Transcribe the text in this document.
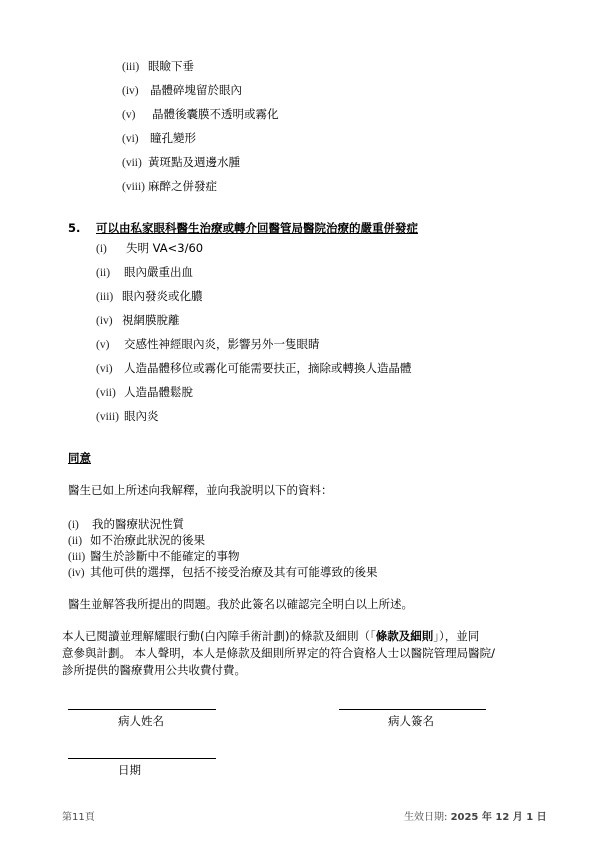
(iii) 眼瞼下垂
(iv) 晶體碎塊留於眼內
(v) 晶體後囊膜不透明或霧化
(vi) 瞳孔變形
(vii) 黃斑點及週邊水腫
(viii) 麻醉之併發症
5. 可以由私家眼科醫生治療或轉介回醫管局醫院治療的嚴重併發症
(i) 失明 VA<3/60
(ii) 眼內嚴重出血
(iii) 眼內發炎或化膿
(iv) 視網膜脫離
(v) 交感性神經眼內炎，影響另外一隻眼睛
(vi) 人造晶體移位或霧化可能需要扶正，摘除或轉換人造晶體
(vii) 人造晶體鬆脫
(viii) 眼內炎
同意
醫生已如上所述向我解釋，並向我說明以下的資料：
(i) 我的醫療狀況性質
(ii) 如不治療此狀況的後果
(iii) 醫生於診斷中不能確定的事物
(iv) 其他可供的選擇，包括不接受治療及其有可能導致的後果
醫生並解答我所提出的問題。我於此簽名以確認完全明白以上所述。
本人已閱讀並理解耀眼行動(白內障手術計劃)的條款及細則（「條款及細則」），並同
意參與計劃。 本人聲明，本人是條款及細則所界定的符合資格人士以醫院管理局醫院/
診所提供的醫療費用公共收費付費。
病人姓名	病人簽名
日期
第11頁	生效日期: 2025 年 12 月 1 日
